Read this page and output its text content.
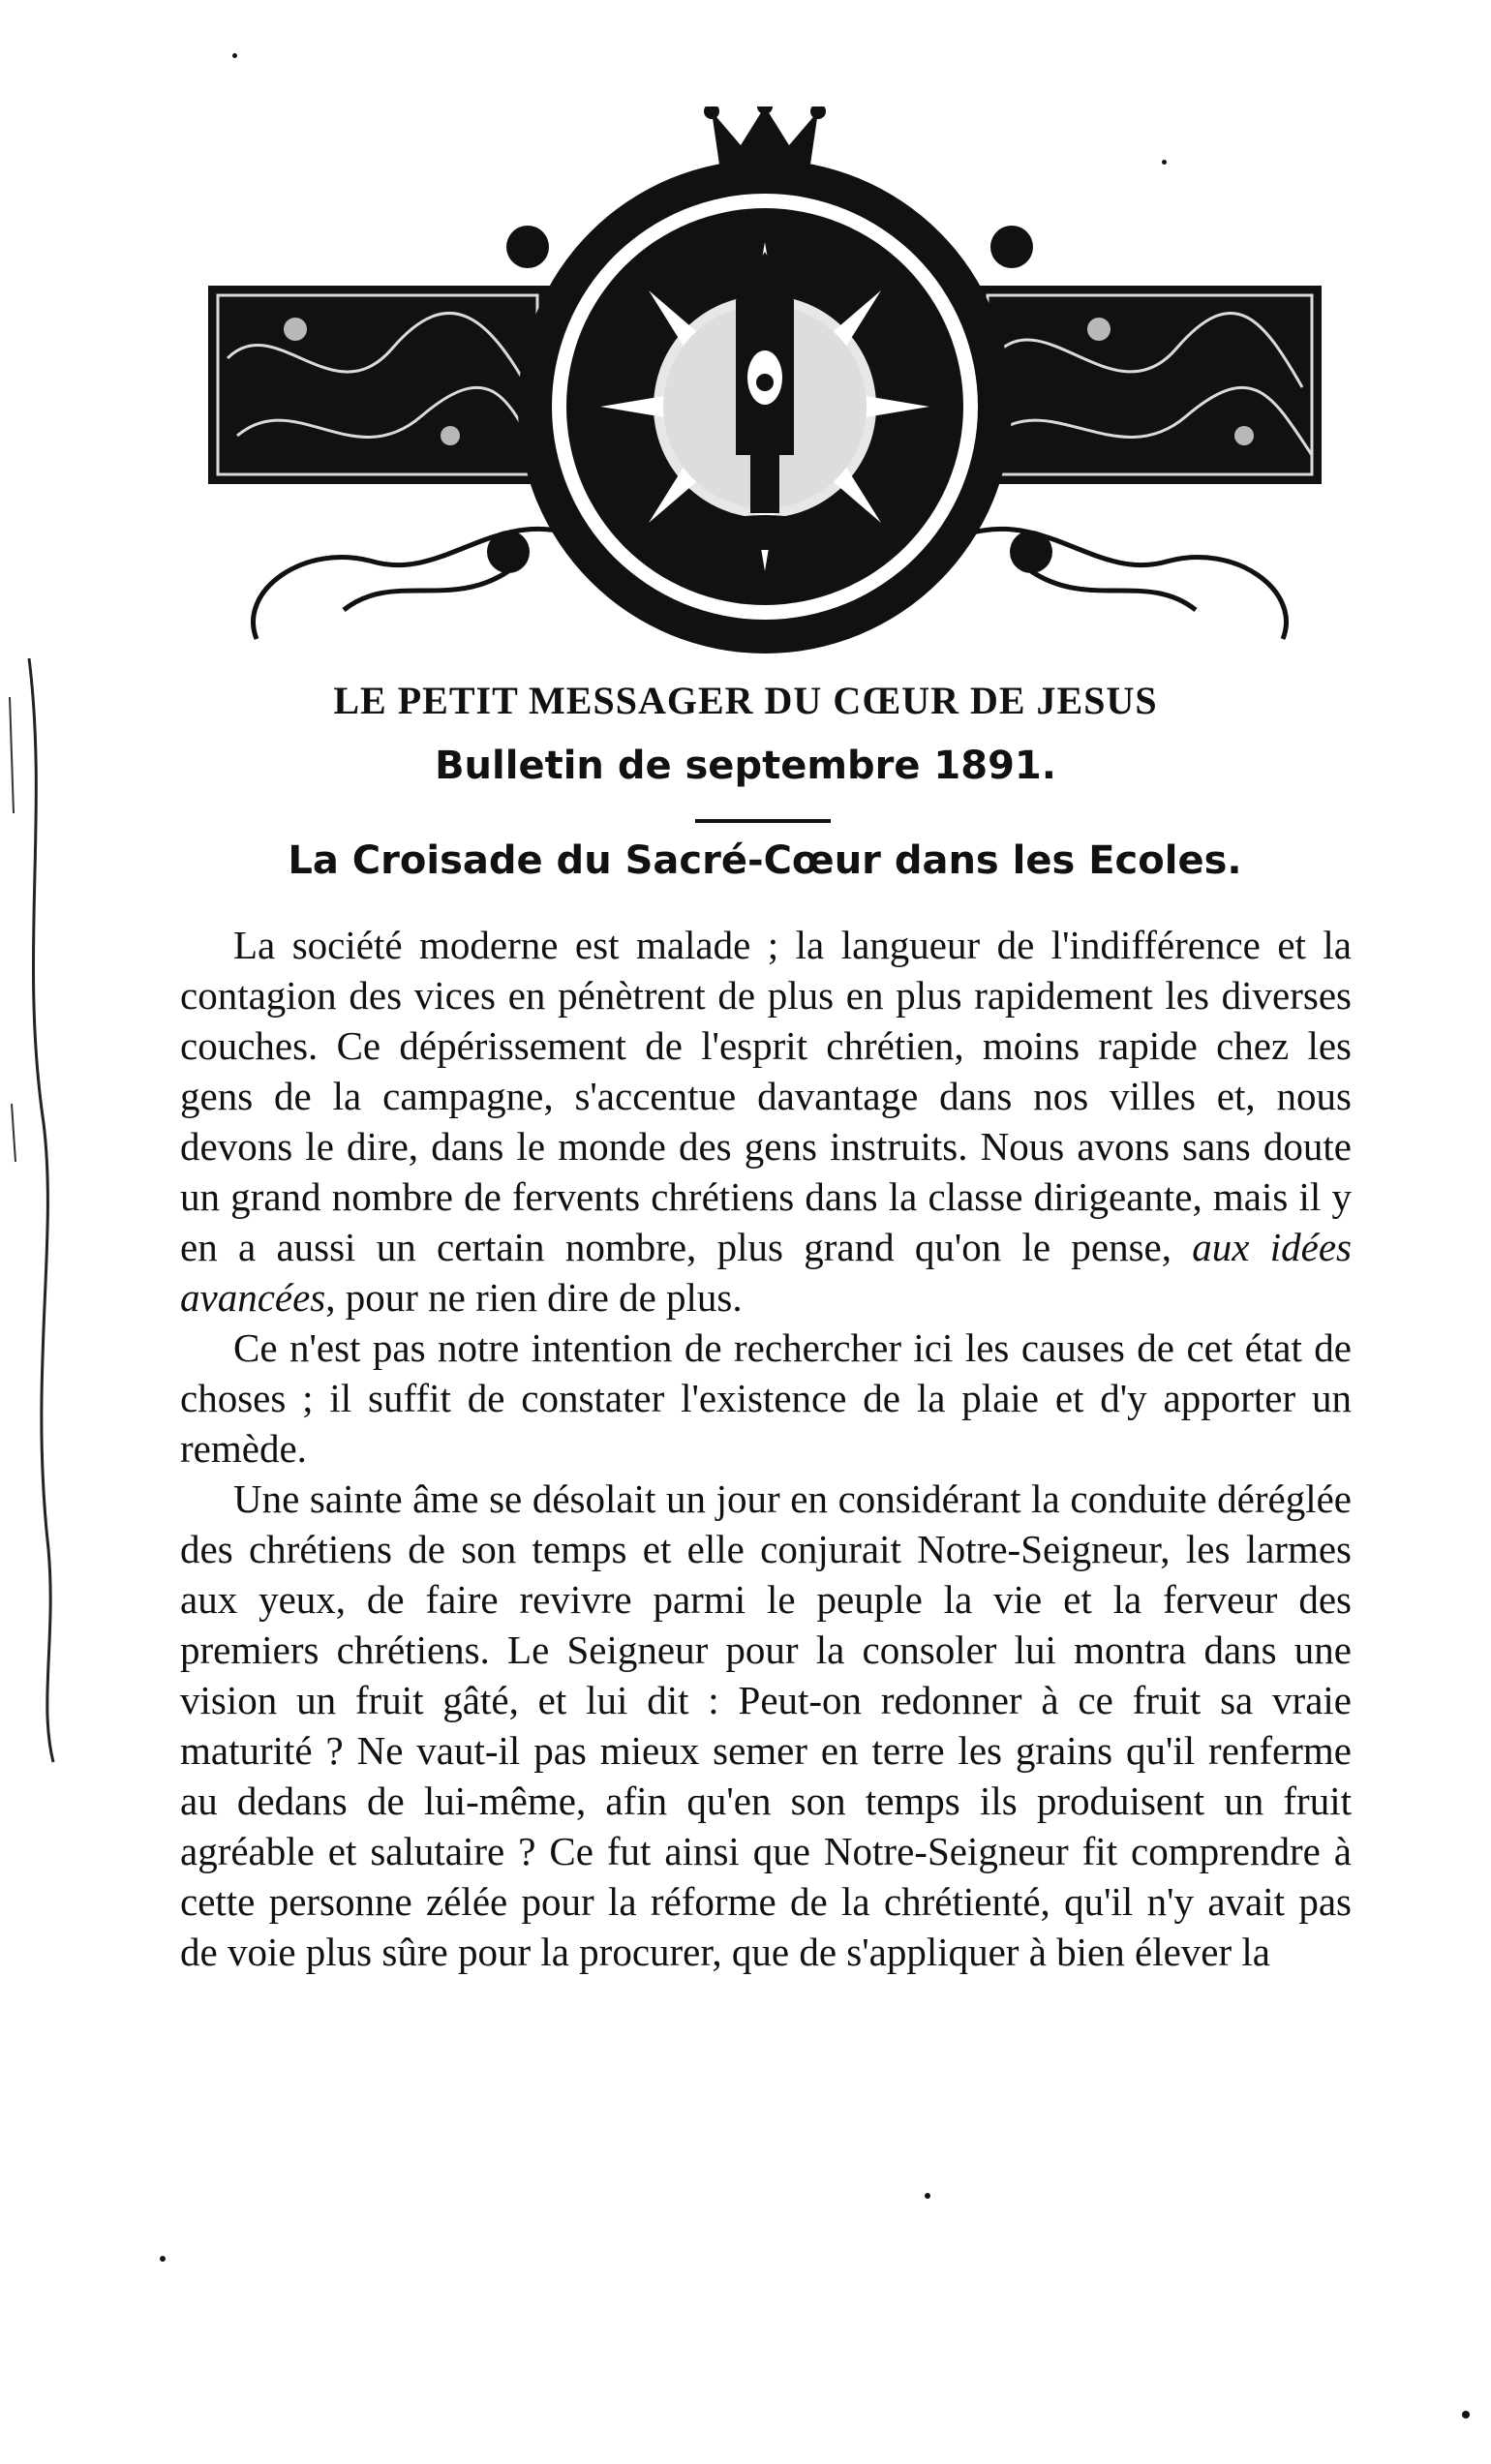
LE PETIT MESSAGER DU CŒUR DE JESUS
Bulletin de septembre 1891.
La Croisade du Sacré-Cœur dans les Ecoles.

La société moderne est malade ; la langueur de l'indifférence et la contagion des vices en pénètrent de plus en plus rapidement les diverses couches. Ce dépérissement de l'esprit chrétien, moins rapide chez les gens de la campagne, s'accentue davantage dans nos villes et, nous devons le dire, dans le monde des gens instruits. Nous avons sans doute un grand nombre de fervents chrétiens dans la classe dirigeante, mais il y en a aussi un certain nombre, plus grand qu'on le pense, aux idées avancées, pour ne rien dire de plus.

Ce n'est pas notre intention de rechercher ici les causes de cet état de choses ; il suffit de constater l'existence de la plaie et d'y apporter un remède.

Une sainte âme se désolait un jour en considérant la conduite déréglée des chrétiens de son temps et elle conjurait Notre-Seigneur, les larmes aux yeux, de faire revivre parmi le peuple la vie et la ferveur des premiers chrétiens. Le Seigneur pour la consoler lui montra dans une vision un fruit gâté, et lui dit : Peut-on redonner à ce fruit sa vraie maturité ? Ne vaut-il pas mieux semer en terre les grains qu'il renferme au dedans de lui-même, afin qu'en son temps ils produisent un fruit agréable et salutaire ? Ce fut ainsi que Notre-Seigneur fit comprendre à cette personne zélée pour la réforme de la chrétienté, qu'il n'y avait pas de voie plus sûre pour la procurer, que de s'appliquer à bien élever la
